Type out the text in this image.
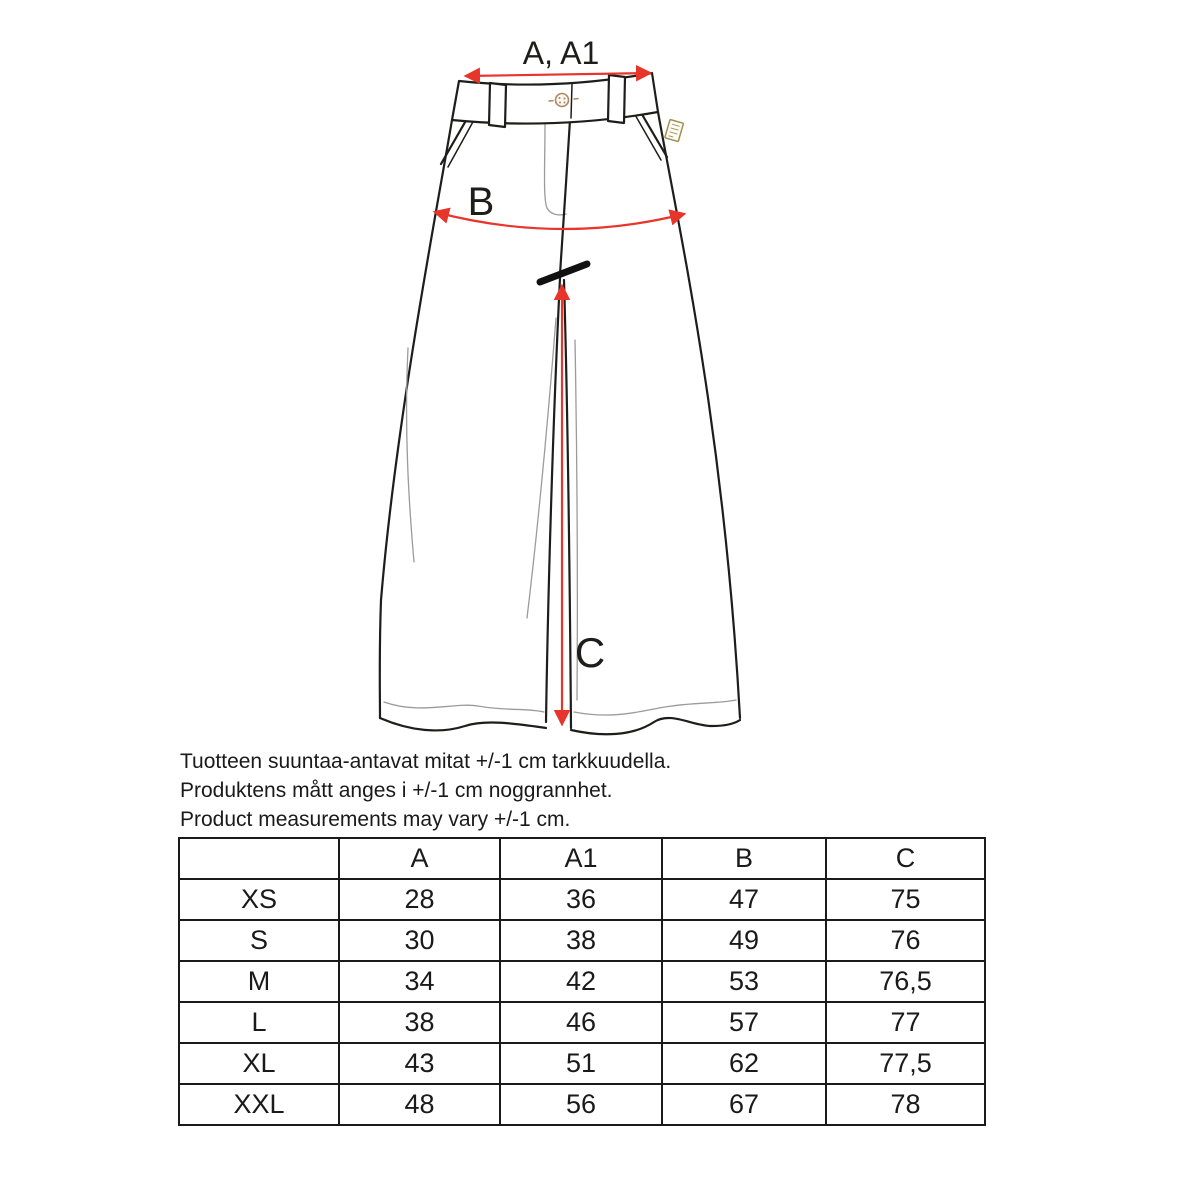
A, A1
B
C
Tuotteen suuntaa-antavat mitat +/-1 cm tarkkuudella.
Produktens mått anges i +/-1 cm noggrannhet.
Product measurements may vary +/-1 cm.
	A	A1	B	C
XS	28	36	47	75
S	30	38	49	76
M	34	42	53	76,5
L	38	46	57	77
XL	43	51	62	77,5
XXL	48	56	67	78
